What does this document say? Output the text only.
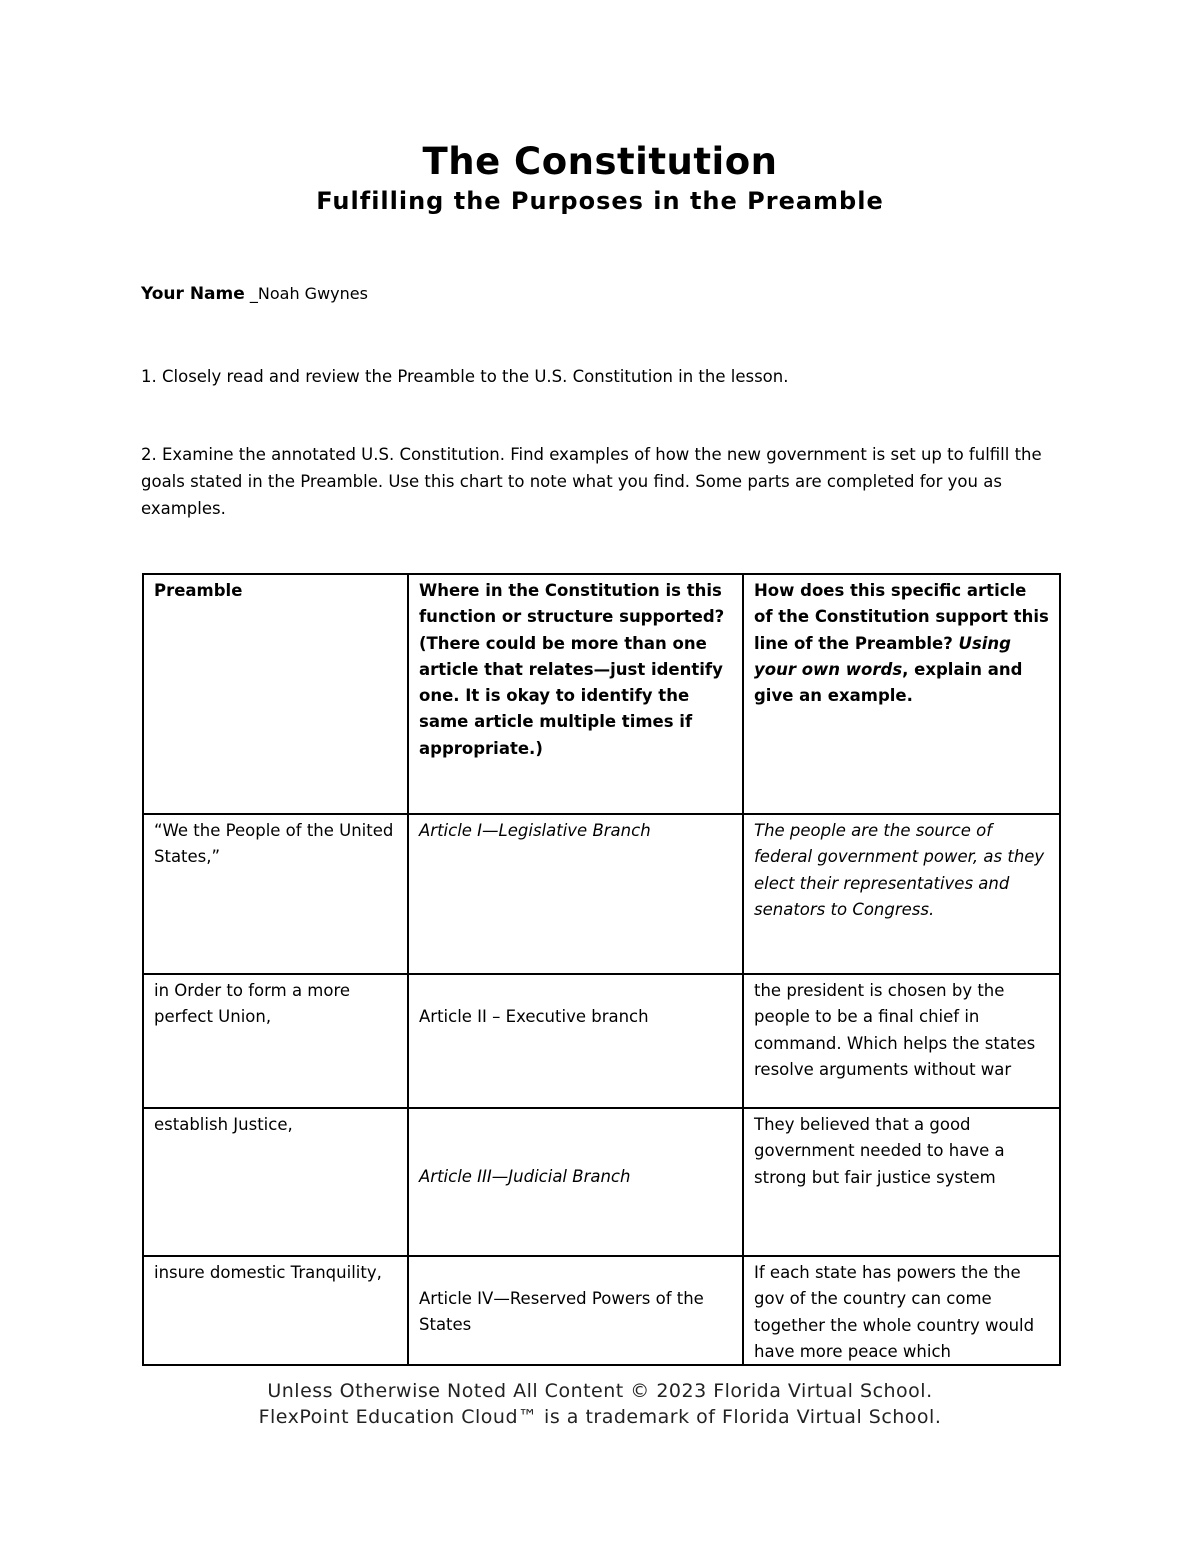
The Constitution
Fulfilling the Purposes in the Preamble
Your Name _Noah Gwynes
1. Closely read and review the Preamble to the U.S. Constitution in the lesson.
2. Examine the annotated U.S. Constitution. Find examples of how the new government is set up to fulfill the goals stated in the Preamble. Use this chart to note what you find. Some parts are completed for you as examples.
Preamble	Where in the Constitution is this function or structure supported? (There could be more than one article that relates—just identify one. It is okay to identify the same article multiple times if appropriate.)	How does this specific article of the Constitution support this line of the Preamble? Using your own words, explain and give an example.
“We the People of the United States,”	Article I—Legislative Branch	The people are the source of federal government power, as they elect their representatives and senators to Congress.
in Order to form a more perfect Union,	Article II – Executive branch	the president is chosen by the people to be a final chief in command. Which helps the states resolve arguments without war
establish Justice,	Article III—Judicial Branch	They believed that a good government needed to have a strong but fair justice system
insure domestic Tranquility,	Article IV—Reserved Powers of the States	If each state has powers the the gov of the country can come together the whole country would have more peace which
Unless Otherwise Noted All Content © 2023 Florida Virtual School.
FlexPoint Education Cloud™ is a trademark of Florida Virtual School.
